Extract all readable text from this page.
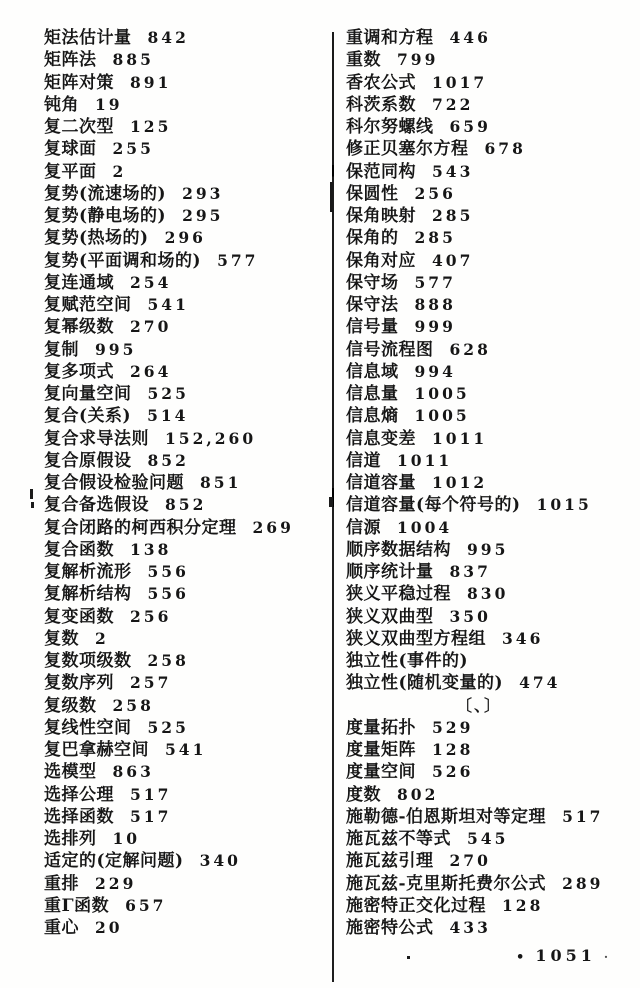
矩法估计量 842
矩阵法 885
矩阵对策 891
钝角 19
复二次型 125
复球面 255
复平面 2
复势(流速场的) 293
复势(静电场的) 295
复势(热场的) 296
复势(平面调和场的) 577
复连通域 254
复赋范空间 541
复幂级数 270
复制 995
复多项式 264
复向量空间 525
复合(关系) 514
复合求导法则 152,260
复合原假设 852
复合假设检验问题 851
复合备选假设 852
复合闭路的柯西积分定理 269
复合函数 138
复解析流形 556
复解析结构 556
复变函数 256
复数 2
复数项级数 258
复数序列 257
复级数 258
复线性空间 525
复巴拿赫空间 541
选模型 863
选择公理 517
选择函数 517
选排列 10
适定的(定解问题) 340
重排 229
重Γ函数 657
重心 20
重调和方程 446
重数 799
香农公式 1017
科茨系数 722
科尔努螺线 659
修正贝塞尔方程 678
保范同构 543
保圆性 256
保角映射 285
保角的 285
保角对应 407
保守场 577
保守法 888
信号量 999
信号流程图 628
信息域 994
信息量 1005
信息熵 1005
信息变差 1011
信道 1011
信道容量 1012
信道容量(每个符号的) 1015
信源 1004
顺序数据结构 995
顺序统计量 837
狭义平稳过程 830
狭义双曲型 350
狭义双曲型方程组 346
独立性(事件的)
独立性(随机变量的) 474
〔、〕
度量拓扑 529
度量矩阵 128
度量空间 526
度数 802
施勒德-伯恩斯坦对等定理 517
施瓦兹不等式 545
施瓦兹引理 270
施瓦兹-克里斯托费尔公式 289
施密特正交化过程 128
施密特公式 433
• 1051 ·
